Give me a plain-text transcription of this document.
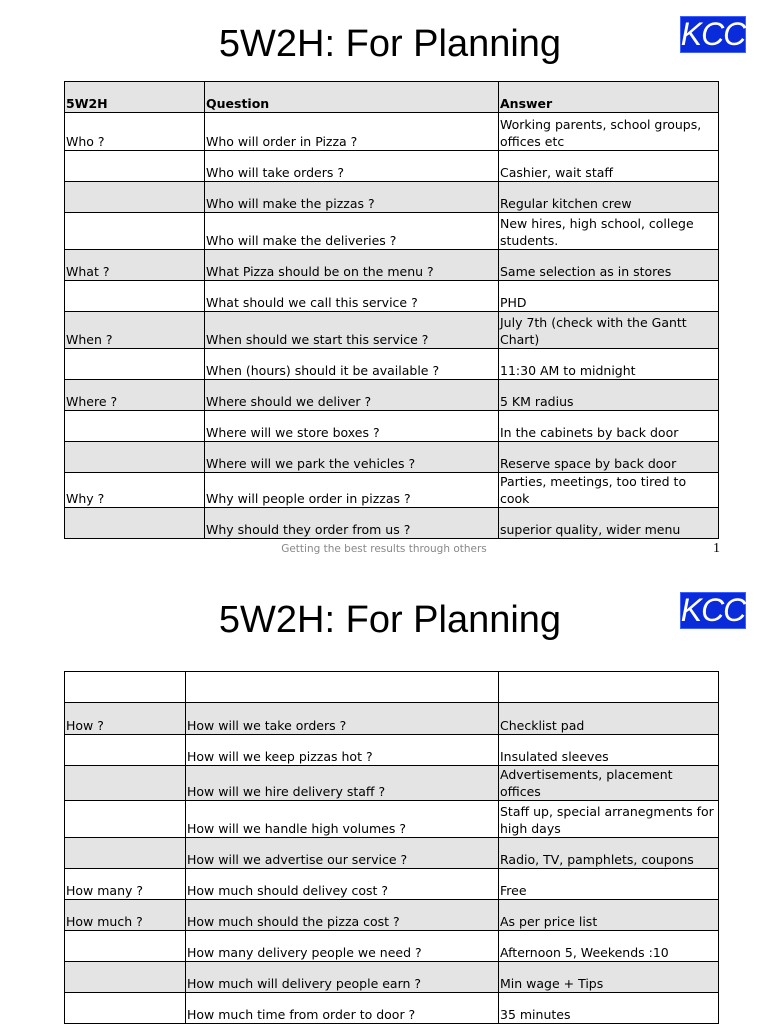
5W2H: For Planning	KCC
5W2H	Question	Answer
Who ?	Who will order in Pizza ?	Working parents, school groups, offices etc
	Who will take orders ?	Cashier, wait staff
	Who will make the pizzas ?	Regular kitchen crew
	Who will make the deliveries ?	New hires, high school, college students.
What ?	What Pizza should be on the menu ?	Same selection as in stores
	What should we call this service ?	PHD
When ?	When should we start this service ?	July 7th (check with the Gantt Chart)
	When (hours) should it be available ?	11:30 AM to midnight
Where ?	Where should we deliver ?	5 KM radius
	Where will we store boxes ?	In the cabinets by back door
	Where will we park the vehicles ?	Reserve space by back door
Why ?	Why will people order in pizzas ?	Parties, meetings, too tired to cook
	Why should they order from us ?	superior quality, wider menu
Getting the best results through others	1
5W2H: For Planning	KCC

How ?	How will we take orders ?	Checklist pad
	How will we keep pizzas hot ?	Insulated sleeves
	How will we hire delivery staff ?	Advertisements, placement offices
	How will we handle high volumes ?	Staff up, special arranegments for high days
	How will we advertise our service ?	Radio, TV, pamphlets, coupons
How many ?	How much should delivey cost ?	Free
How much ?	How much should the pizza cost ?	As per price list
	How many delivery people we need ?	Afternoon 5, Weekends :10
	How much will delivery people earn ?	Min wage + Tips
	How much time from order to door ?	35 minutes
